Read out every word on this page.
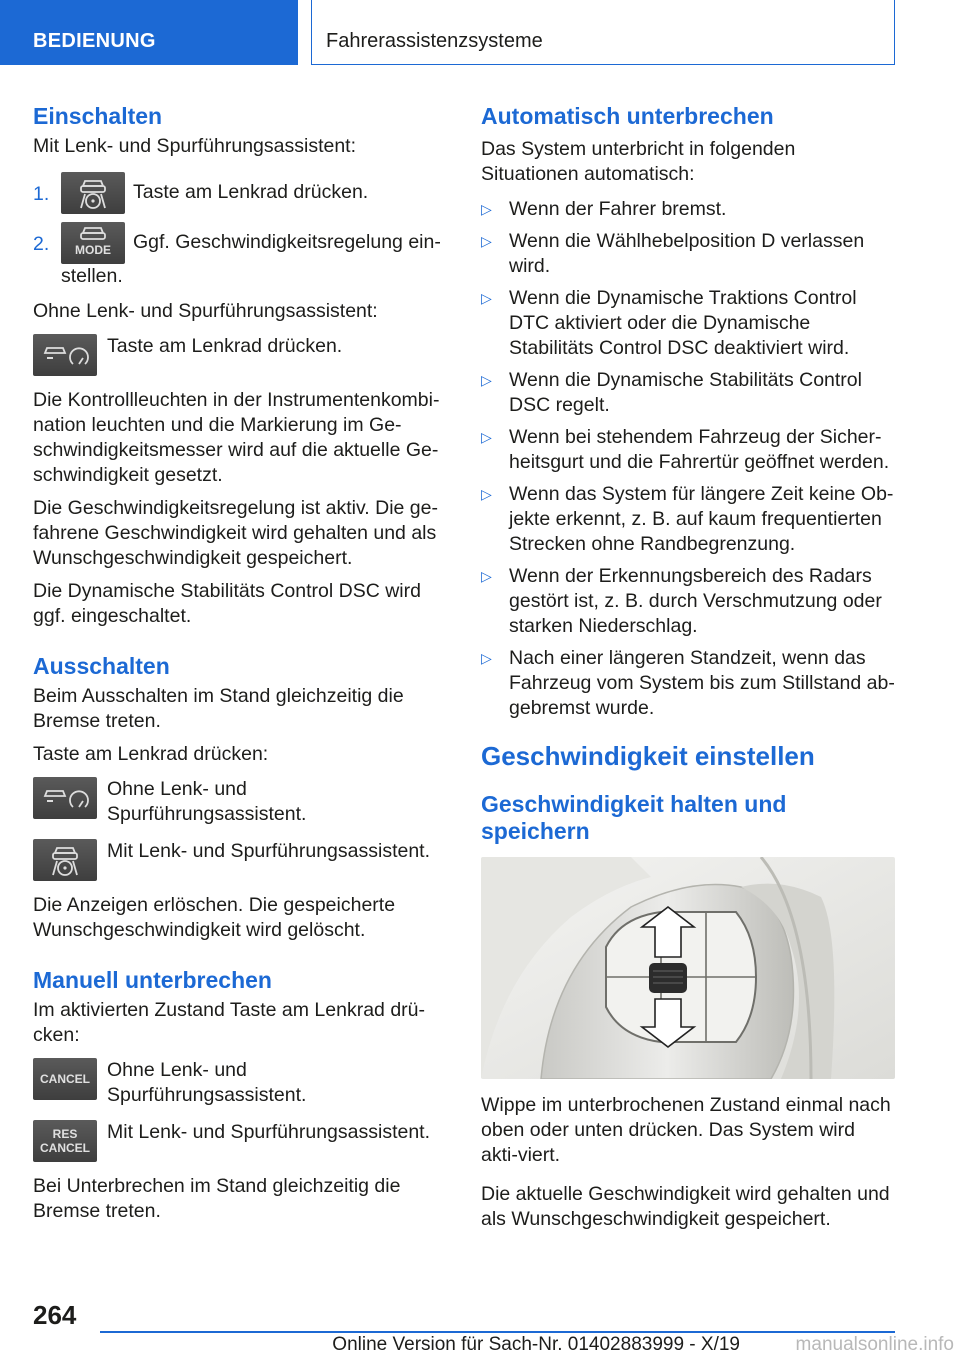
BEDIENUNG	Fahrerassistenzsysteme
Einschalten

Mit Lenk- und Spurführungsassistent:

1.	Taste am Lenkrad drücken.
2.	MODE	Ggf. Geschwindigkeitsregelung ein-stellen.

Ohne Lenk- und Spurführungsassistent:

Taste am Lenkrad drücken.

Die Kontrollleuchten in der Instrumentenkombi-nation leuchten und die Markierung im Ge-schwindigkeitsmesser wird auf die aktuelle Ge-schwindigkeit gesetzt.

Die Geschwindigkeitsregelung ist aktiv. Die ge-fahrene Geschwindigkeit wird gehalten und als Wunschgeschwindigkeit gespeichert.

Die Dynamische Stabilitäts Control DSC wird ggf. eingeschaltet.

Ausschalten

Beim Ausschalten im Stand gleichzeitig die Bremse treten.

Taste am Lenkrad drücken:

Ohne Lenk- und Spurführungsassistent.
Mit Lenk- und Spurführungsassistent.

Die Anzeigen erlöschen. Die gespeicherte Wunschgeschwindigkeit wird gelöscht.

Manuell unterbrechen

Im aktivierten Zustand Taste am Lenkrad drü-cken:

CANCEL Ohne Lenk- und Spurführungsassistent.
RES
CANCEL
Mit Lenk- und Spurführungsassistent.

Bei Unterbrechen im Stand gleichzeitig die Bremse treten.

Automatisch unterbrechen

Das System unterbricht in folgenden Situationen automatisch:

▷ Wenn der Fahrer bremst.
▷ Wenn die Wählhebelposition D verlassen wird.
▷ Wenn die Dynamische Traktions Control DTC aktiviert oder die Dynamische Stabilitäts Control DSC deaktiviert wird.
▷ Wenn die Dynamische Stabilitäts Control DSC regelt.
▷ Wenn bei stehendem Fahrzeug der Sicher-heitsgurt und die Fahrertür geöffnet werden.
▷ Wenn das System für längere Zeit keine Ob-jekte erkennt, z. B. auf kaum frequentierten Strecken ohne Randbegrenzung.
▷ Wenn der Erkennungsbereich des Radars gestört ist, z. B. durch Verschmutzung oder starken Niederschlag.
▷ Nach einer längeren Standzeit, wenn das Fahrzeug vom System bis zum Stillstand ab-gebremst wurde.
Geschwindigkeit einstellen
Geschwindigkeit halten und speichern

Wippe im unterbrochenen Zustand einmal nach oben oder unten drücken. Das System wird akti-viert.

Die aktuelle Geschwindigkeit wird gehalten und als Wunschgeschwindigkeit gespeichert.

264
Online Version für Sach-Nr. 01402883999 - X/19	manualsonline.info
